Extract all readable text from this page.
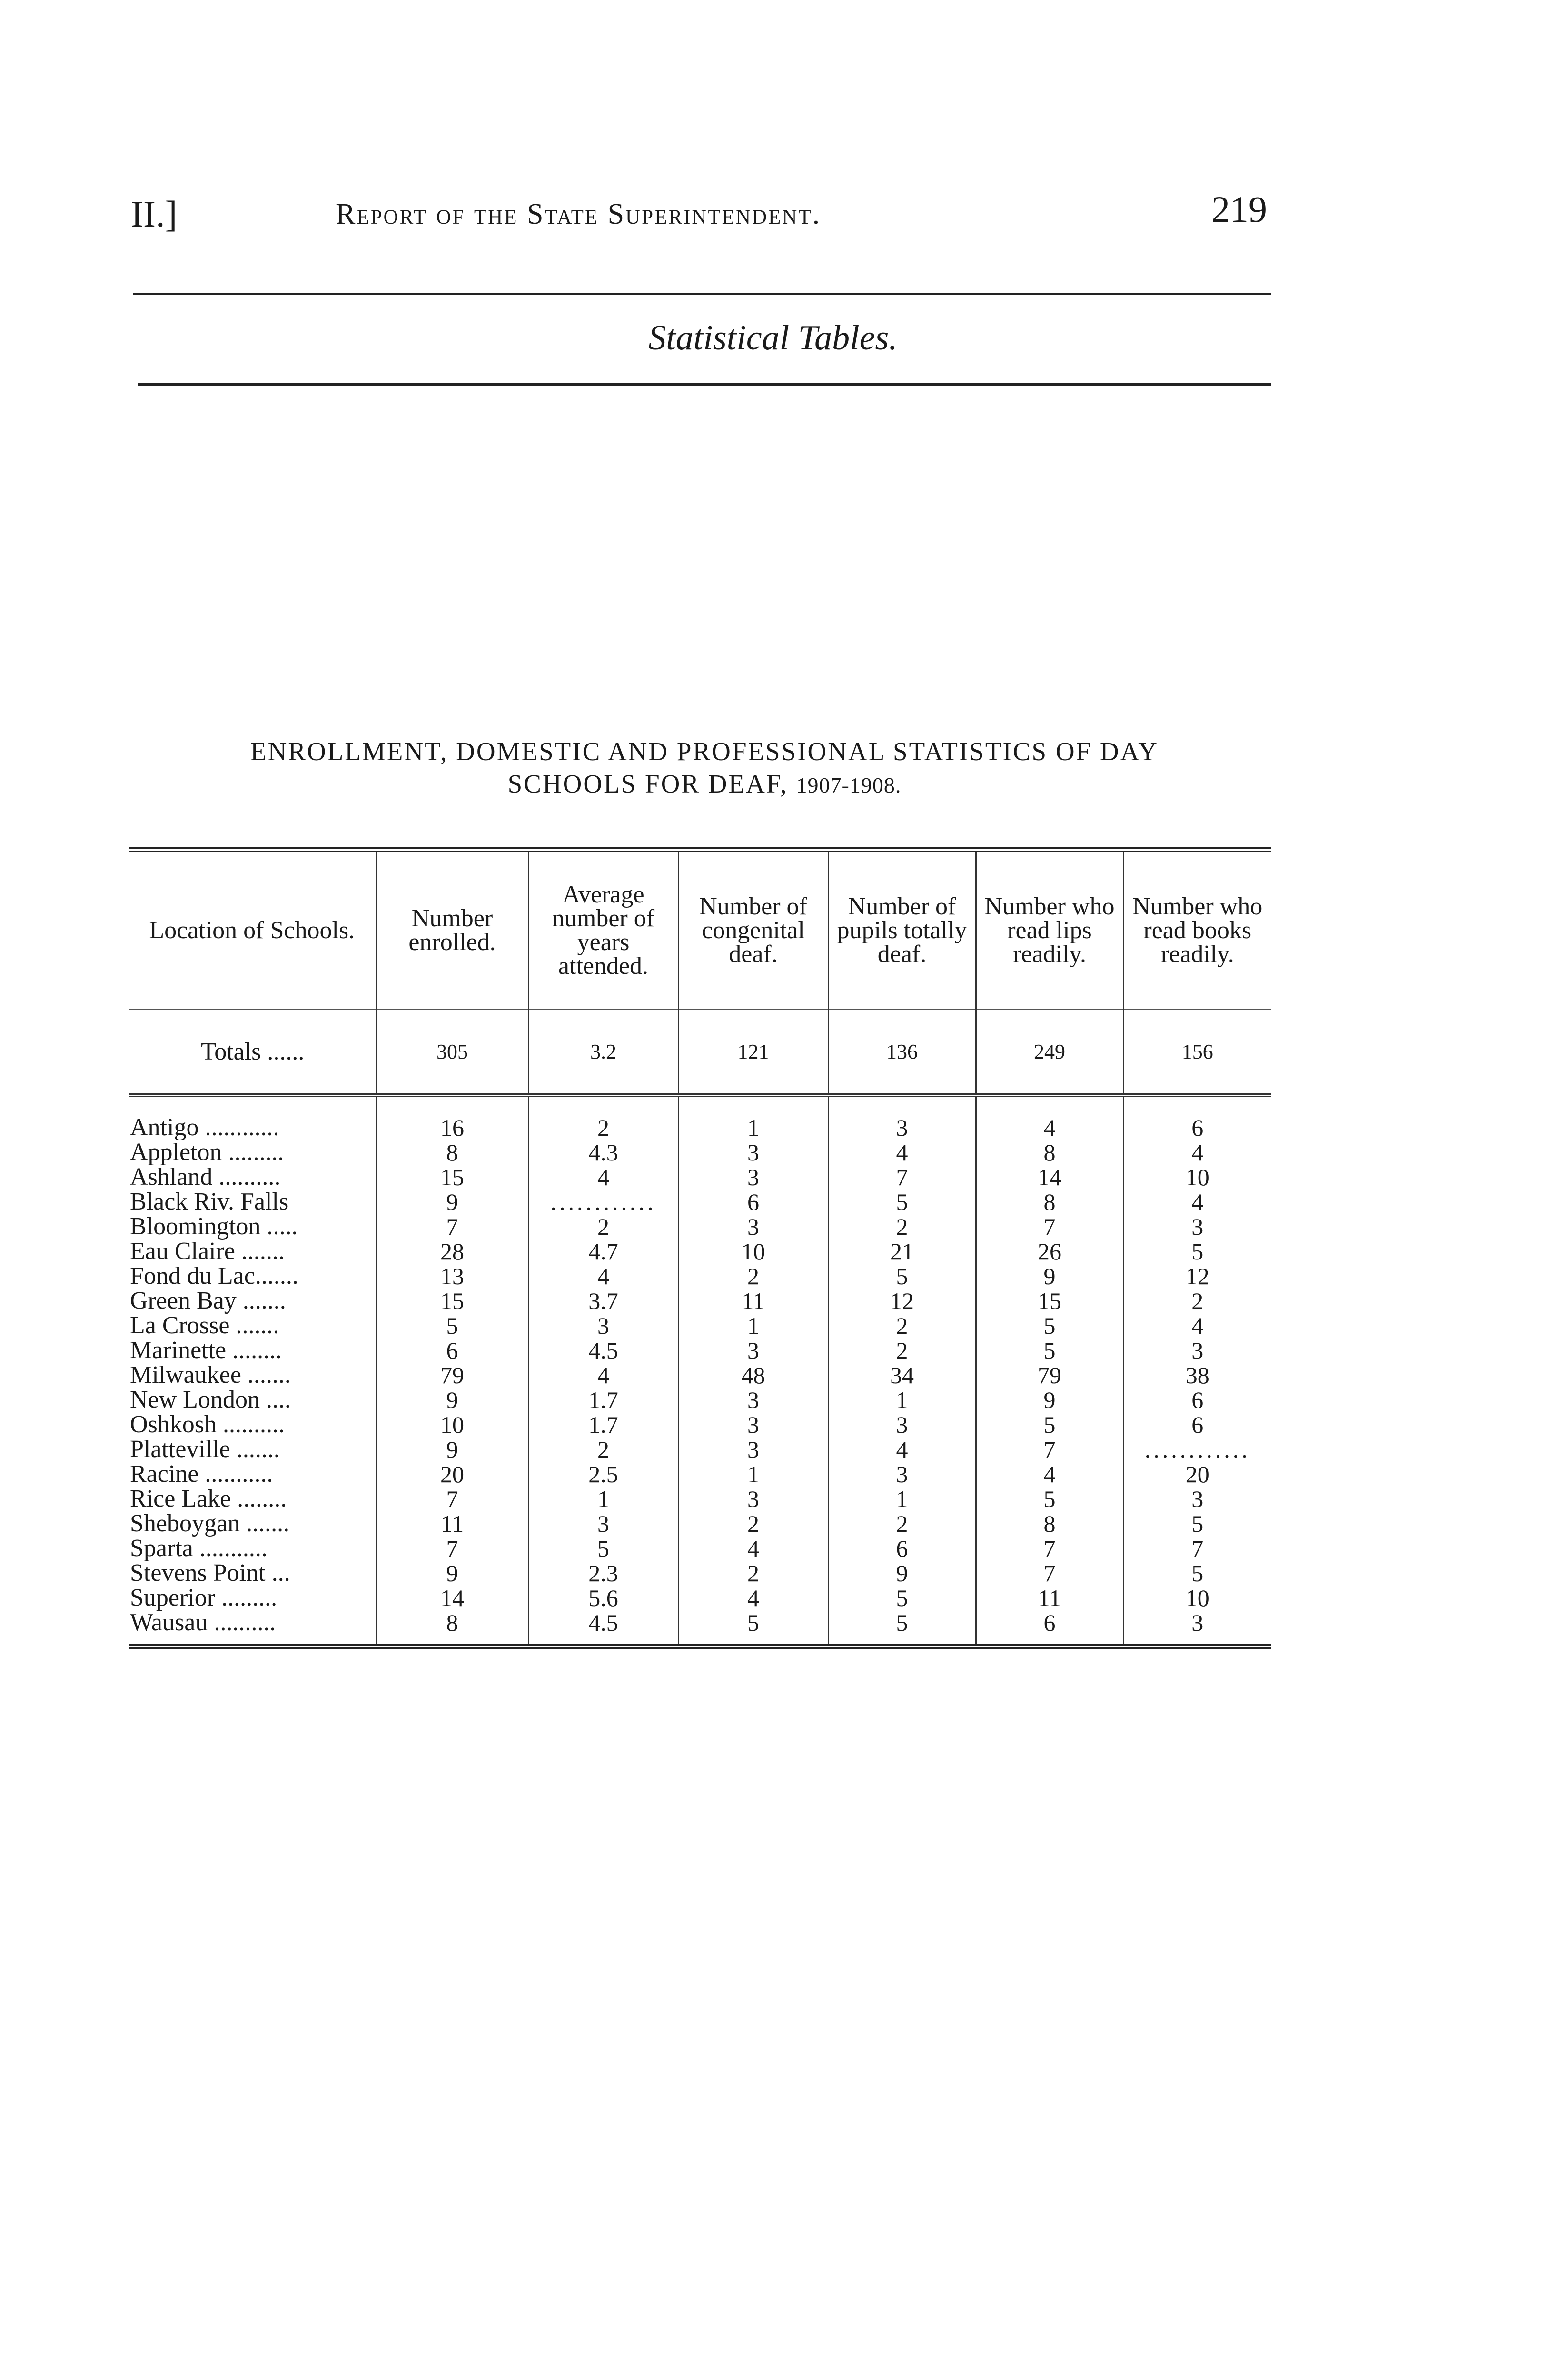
II.]	Report of the State Superintendent.	219
Statistical Tables.
ENROLLMENT, DOMESTIC AND PROFESSIONAL STATISTICS OF DAY
SCHOOLS FOR DEAF, 1907-1908.
Location of Schools.	Number enrolled.	Average number of years attended.	Number of congenital deaf.	Number of pupils totally deaf.	Number who read lips readily.	Number who read books readily.
Totals ......	305	3.2	121	136	249	156

Antigo ............	16	2	1	3	4	6
Appleton .........	8	4.3	3	4	8	4
Ashland ..........	15	4	3	7	14	10
Black Riv. Falls	9	............	6	5	8	4
Bloomington .....	7	2	3	2	7	3
Eau Claire .......	28	4.7	10	21	26	5
Fond du Lac.......	13	4	2	5	9	12
Green Bay .......	15	3.7	11	12	15	2
La Crosse .......	5	3	1	2	5	4
Marinette ........	6	4.5	3	2	5	3
Milwaukee .......	79	4	48	34	79	38
New London ....	9	1.7	3	1	9	6
Oshkosh ..........	10	1.7	3	3	5	6
Platteville .......	9	2	3	4	7	............
Racine ...........	20	2.5	1	3	4	20
Rice Lake ........	7	1	3	1	5	3
Sheboygan .......	11	3	2	2	8	5
Sparta ...........	7	5	4	6	7	7
Stevens Point ...	9	2.3	2	9	7	5
Superior .........	14	5.6	4	5	11	10
Wausau ..........	8	4.5	5	5	6	3
